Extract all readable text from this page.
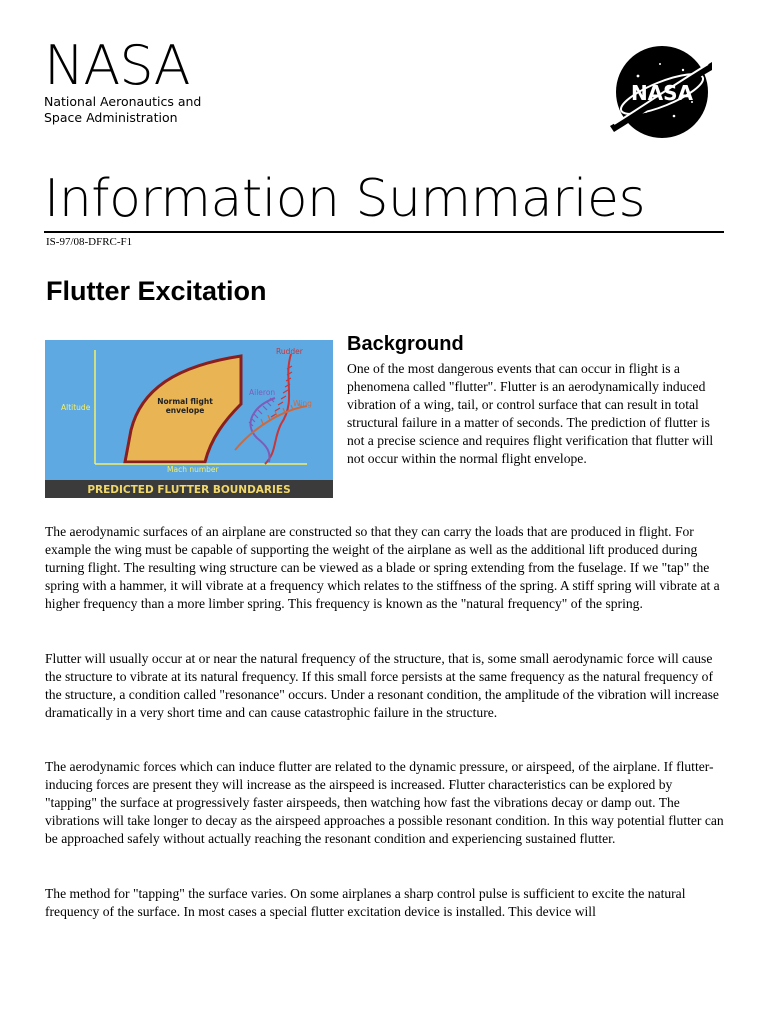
NASA
National Aeronautics and
Space Administration
NASA
Information Summaries
IS-97/08-DFRC-F1
Flutter Excitation
Altitude
Mach number
Normal flight
envelope
Rudder
Aileron
Wing
PREDICTED FLUTTER BOUNDARIES
Background

One of the most dangerous events that can occur in flight is a phenomena called "flutter". Flutter is an aerodynamically induced vibration of a wing, tail, or control surface that can result in total structural failure in a matter of seconds. The prediction of flutter is not a precise science and requires flight verification that flutter will not occur within the normal flight envelope.

The aerodynamic surfaces of an airplane are constructed so that they can carry the loads that are produced in flight. For example the wing must be capable of supporting the weight of the airplane as well as the additional lift produced during turning flight. The resulting wing structure can be viewed as a blade or spring extending from the fuselage. If we "tap" the spring with a hammer, it will vibrate at a frequency which relates to the stiffness of the spring. A stiff spring will vibrate at a higher frequency than a more limber spring. This frequency is known as the "natural frequency" of the spring.

Flutter will usually occur at or near the natural frequency of the structure, that is, some small aerodynamic force will cause the structure to vibrate at its natural frequency. If this small force persists at the same frequency as the natural frequency of the structure, a condition called "resonance" occurs. Under a resonant condition, the amplitude of the vibration will increase dramatically in a very short time and can cause catastrophic failure in the structure.

The aerodynamic forces which can induce flutter are related to the dynamic pressure, or airspeed, of the airplane. If flutter-inducing forces are present they will increase as the airspeed is increased. Flutter characteristics can be explored by "tapping" the surface at progressively faster airspeeds, then watching how fast the vibrations decay or damp out. The vibrations will take longer to decay as the airspeed approaches a possible resonant condition. In this way potential flutter can be approached safely without actually reaching the resonant condition and experiencing sustained flutter.

The method for "tapping" the surface varies. On some airplanes a sharp control pulse is sufficient to excite the natural frequency of the surface. In most cases a special flutter excitation device is installed. This device will
